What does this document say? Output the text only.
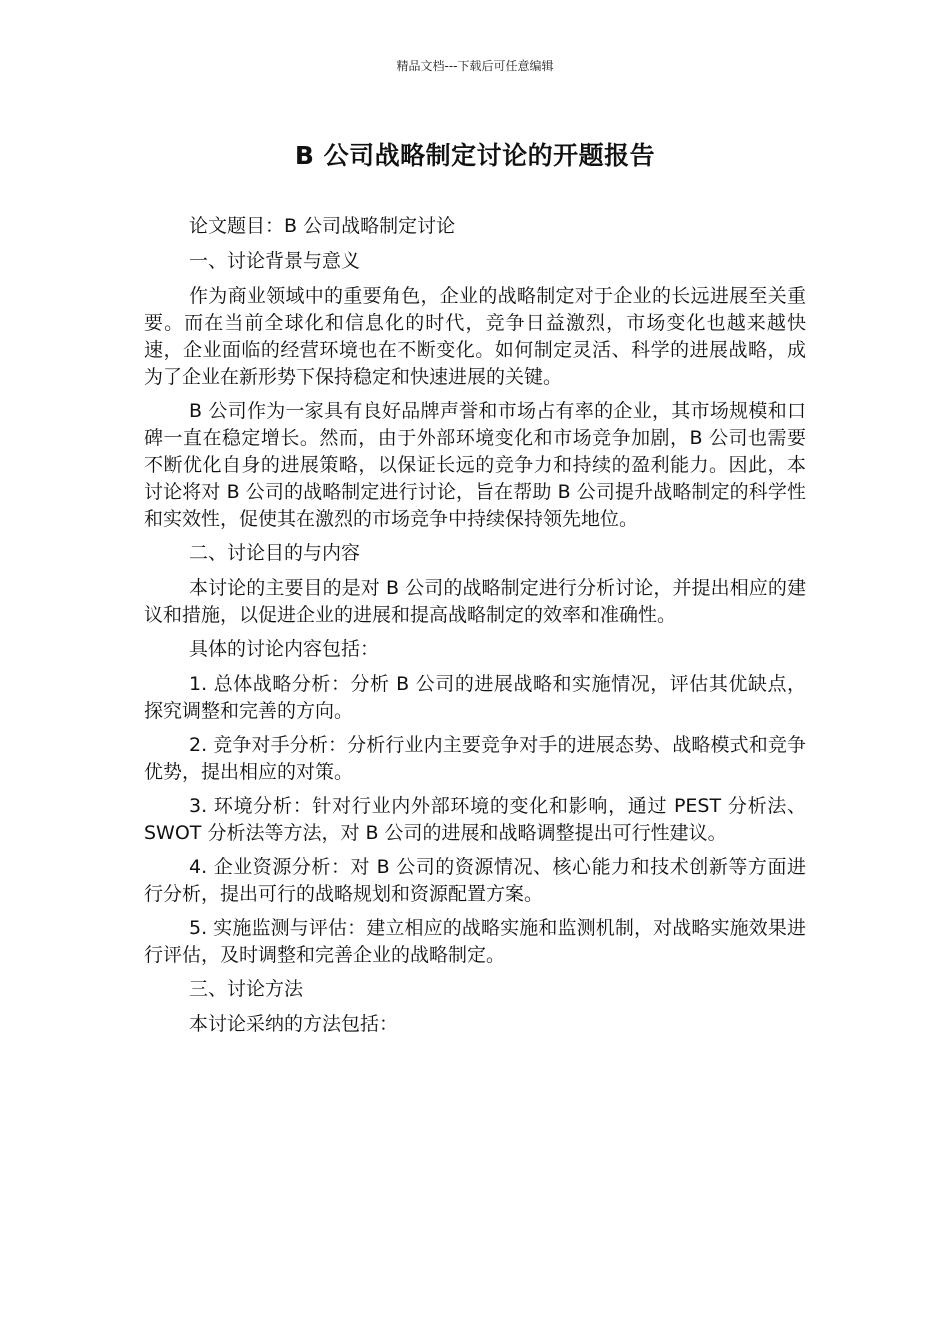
精品文档---下载后可任意编辑
B 公司战略制定讨论的开题报告

论文题目：B 公司战略制定讨论

一、讨论背景与意义

作为商业领域中的重要角色，企业的战略制定对于企业的长远进展至关重要。而在当前全球化和信息化的时代，竞争日益激烈，市场变化也越来越快速，企业面临的经营环境也在不断变化。如何制定灵活、科学的进展战略，成为了企业在新形势下保持稳定和快速进展的关键。

B 公司作为一家具有良好品牌声誉和市场占有率的企业，其市场规模和口碑一直在稳定增长。然而，由于外部环境变化和市场竞争加剧，B 公司也需要不断优化自身的进展策略，以保证长远的竞争力和持续的盈利能力。因此，本讨论将对 B 公司的战略制定进行讨论，旨在帮助 B 公司提升战略制定的科学性和实效性，促使其在激烈的市场竞争中持续保持领先地位。

二、讨论目的与内容

本讨论的主要目的是对 B 公司的战略制定进行分析讨论，并提出相应的建议和措施，以促进企业的进展和提高战略制定的效率和准确性。

具体的讨论内容包括：

1. 总体战略分析：分析 B 公司的进展战略和实施情况，评估其优缺点，探究调整和完善的方向。

2. 竞争对手分析：分析行业内主要竞争对手的进展态势、战略模式和竞争优势，提出相应的对策。

3. 环境分析：针对行业内外部环境的变化和影响，通过 PEST 分析法、SWOT 分析法等方法，对 B 公司的进展和战略调整提出可行性建议。

4. 企业资源分析：对 B 公司的资源情况、核心能力和技术创新等方面进行分析，提出可行的战略规划和资源配置方案。

5. 实施监测与评估：建立相应的战略实施和监测机制，对战略实施效果进行评估，及时调整和完善企业的战略制定。

三、讨论方法

本讨论采纳的方法包括：
